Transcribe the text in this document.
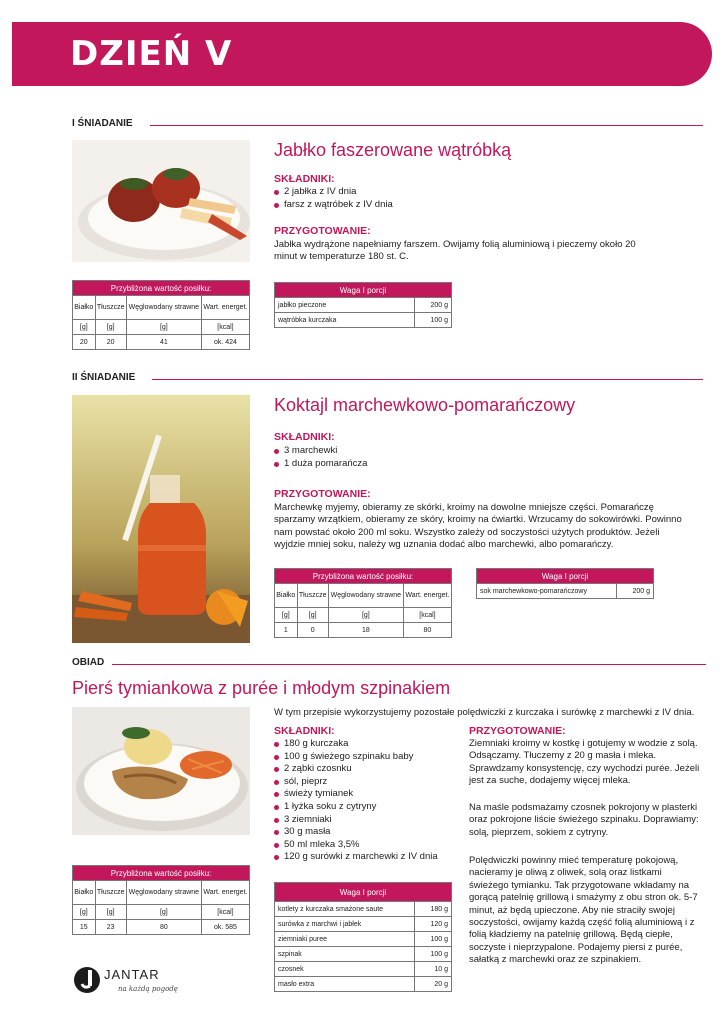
DZIEŃ V
I ŚNIADANIE
Jabłko faszerowane wątróbką
SKŁADNIKI:
2 jabłka z IV dnia
farsz z wątróbek z IV dnia
PRZYGOTOWANIE:

Jabłka wydrążone napełniamy farszem. Owijamy folią aluminiową i pieczemy około 20 minut w temperaturze 180 st. C.

Przybliżona wartość posiłku:			
Białko	Tłuszcze	Węglowodany strawne	Wart. energet.
[g]	[g]	[g]	[kcal]
20	20	41	ok. 424
Waga I porcji	
jabłko pieczone	200 g
wątróbka kurczaka	100 g
II ŚNIADANIE
Koktajl marchewkowo-pomarańczowy
SKŁADNIKI:
3 marchewki
1 duża pomarańcza
PRZYGOTOWANIE:

Marchewkę myjemy, obieramy ze skórki, kroimy na dowolne mniejsze części. Pomarańczę sparzamy wrzątkiem, obieramy ze skóry, kroimy na ćwiartki. Wrzucamy do sokowirówki. Powinno nam powstać około 200 ml soku. Wszystko zależy od soczystości użytych produktów. Jeżeli wyjdzie mniej soku, należy wg uznania dodać albo marchewki, albo pomarańczy.

Przybliżona wartość posiłku:			
Białko	Tłuszcze	Węglowodany strawne	Wart. energet.
[g]	[g]	[g]	[kcal]
1	0	18	80
Waga I porcji
sok marchewkowo-pomarańczowy	200 g
OBIAD
Pierś tymiankowa z purée i młodym szpinakiem

W tym przepisie wykorzystujemy pozostałe polędwiczki z kurczaka i surówkę z marchewki z IV dnia.

SKŁADNIKI:
180 g kurczaka
100 g świeżego szpinaku baby
2 ząbki czosnku
sól, pieprz
świeży tymianek
1 łyżka soku z cytryny
3 ziemniaki
30 g masła
50 ml mleka 3,5%
120 g surówki z marchewki z IV dnia
PRZYGOTOWANIE:

Ziemniaki kroimy w kostkę i gotujemy w wodzie z solą. Odsączamy. Tłuczemy z 20 g masła i mleka. Sprawdzamy konsystencję, czy wychodzi purée. Jeżeli jest za suche, dodajemy więcej mleka.

Na maśle podsmażamy czosnek pokrojony w plasterki oraz pokrojone liście świeżego szpinaku. Doprawiamy: solą, pieprzem, sokiem z cytryny.

Polędwiczki powinny mieć temperaturę pokojową, nacieramy je oliwą z oliwek, solą oraz listkami świeżego tymianku. Tak przygotowane wkładamy na gorącą patelnię grillową i smażymy z obu stron ok. 5-7 minut, aż będą upieczone. Aby nie straciły swojej soczystości, owijamy każdą część folią aluminiową i z folią kładziemy na patelnię grillową. Będą ciepłe, soczyste i nieprzypalone. Podajemy piersi z purée, sałatką z marchewki oraz ze szpinakiem.

Przybliżona wartość posiłku:			
Białko	Tłuszcze	Węglowodany strawne	Wart. energet.
[g]	[g]	[g]	[kcal]
15	23	80	ok. 585
Waga I porcji	
kotlety z kurczaka smażone saute	180 g
surówka z marchwi i jabłek	120 g
ziemniaki puree	100 g
szpinak	100 g
czosnek	10 g
masło extra	20 g
JANTAR
na każdą pogodę
